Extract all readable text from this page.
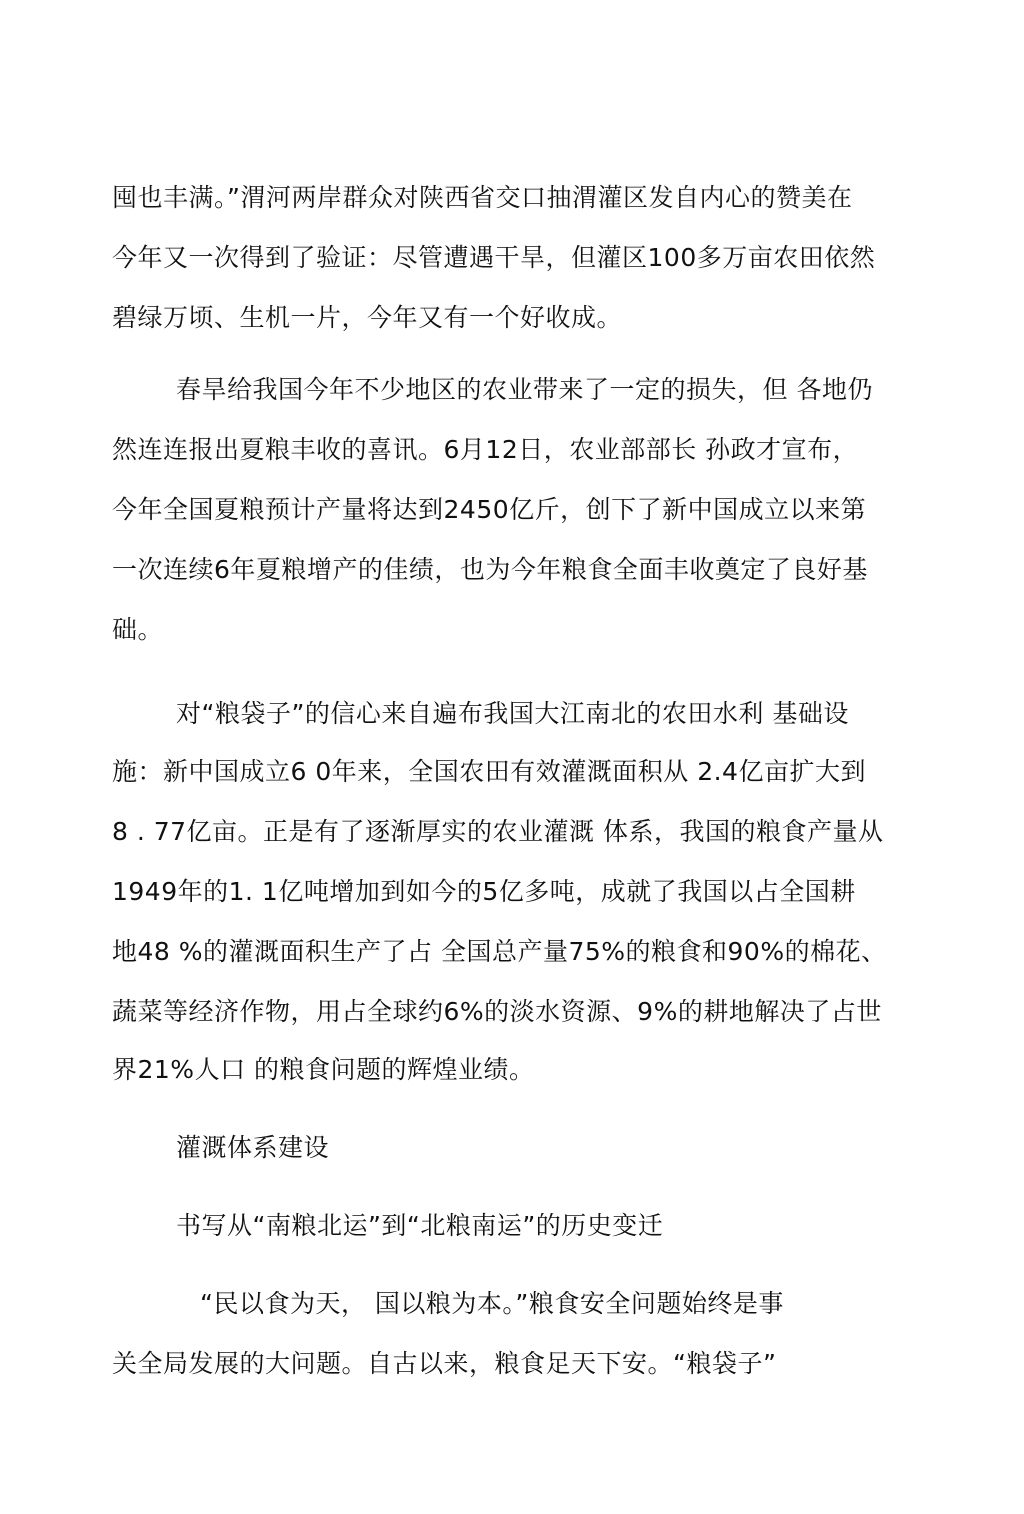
囤也丰满。”渭河两岸群众对陕西省交口抽渭灌区发自内心的赞美在
今年又一次得到了验证：尽管遭遇干旱，但灌区100多万亩农田依然
碧绿万顷、生机一片，今年又有一个好收成。
春旱给我国今年不少地区的农业带来了一定的损失，但 各地仍
然连连报出夏粮丰收的喜讯。6月12日，农业部部长 孙政才宣布，
今年全国夏粮预计产量将达到2450亿斤，创下了新中国成立以来第
一次连续6年夏粮增产的佳绩，也为今年粮食全面丰收奠定了良好基
础。
对“粮袋子”的信心来自遍布我国大江南北的农田水利 基础设
施：新中国成立6 0年来，全国农田有效灌溉面积从 2.4亿亩扩大到
8 . 77亿亩。正是有了逐渐厚实的农业灌溉 体系，我国的粮食产量从
1949年的1. 1亿吨增加到如今的5亿多吨，成就了我国以占全国耕
地48 %的灌溉面积生产了占 全国总产量75%的粮食和90%的棉花、
蔬菜等经济作物，用占全球约6%的淡水资源、9%的耕地解决了占世
界21%人口 的粮食问题的辉煌业绩。
灌溉体系建设
书写从“南粮北运”到“北粮南运”的历史变迁
“民以食为天， 国以粮为本。”粮食安全问题始终是事
关全局发展的大问题。自古以来，粮食足天下安。“粮袋子”
